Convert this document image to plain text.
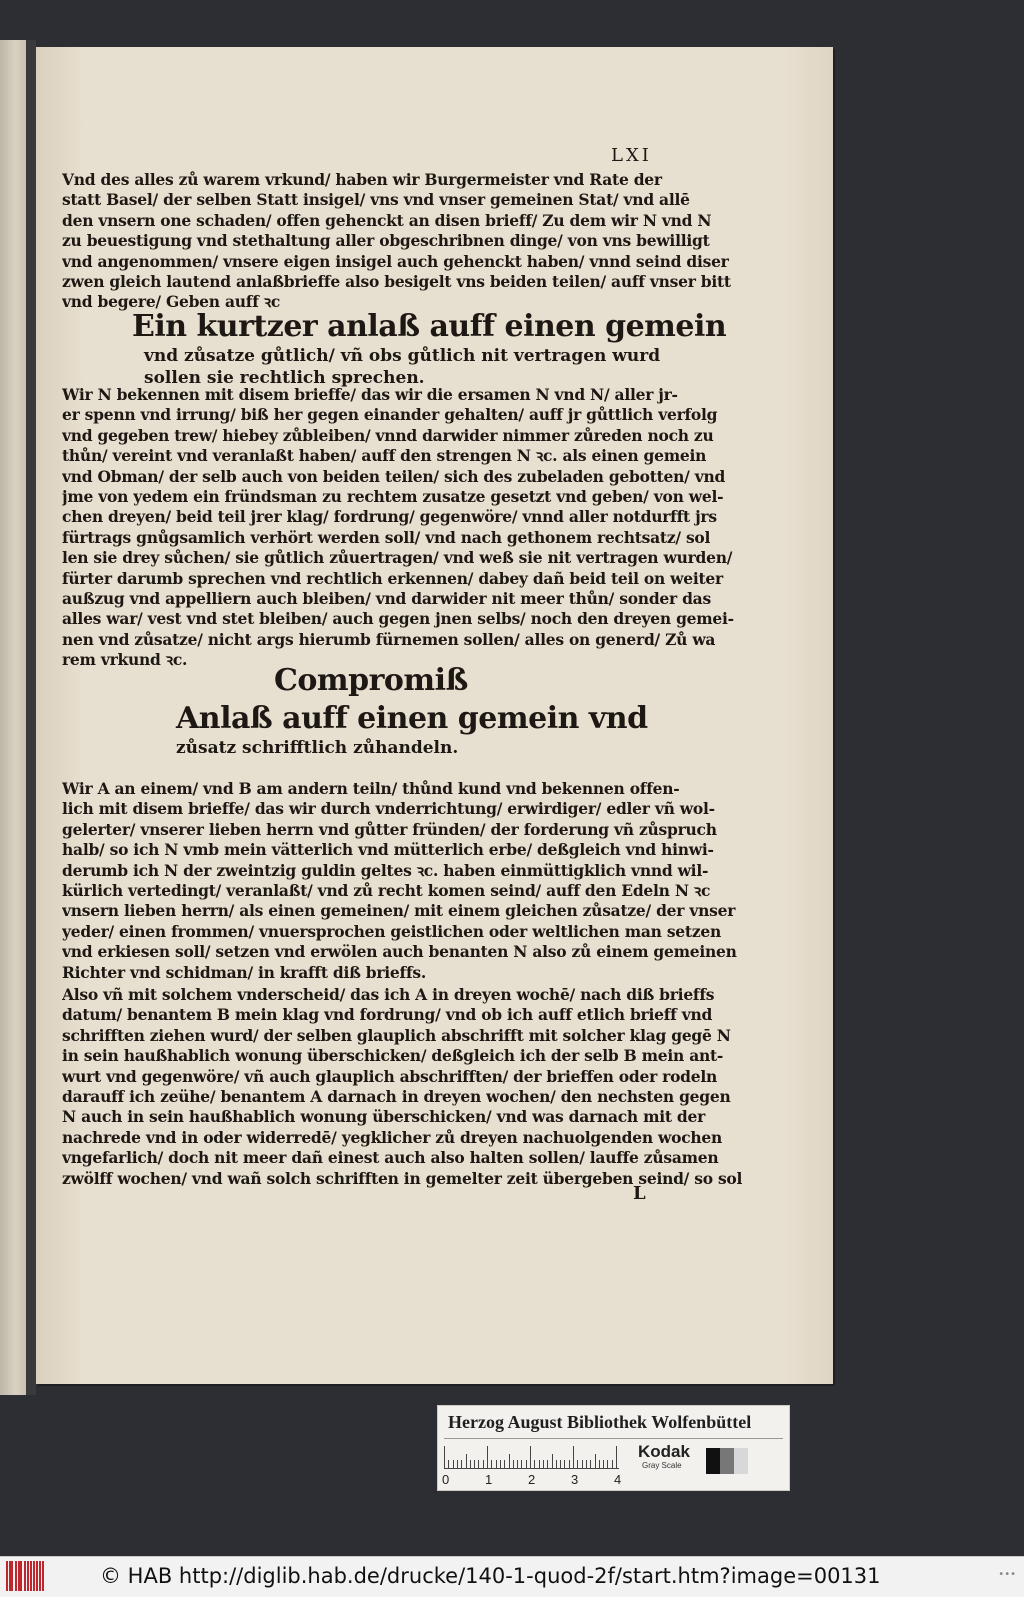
LXI
Vnd des alles zů warem vrkund/ haben wir Burgermeister vnd Rate der
statt Basel/ der selben Statt insigel/ vns vnd vnser gemeinen Stat/ vnd allē
den vnsern one schaden/ offen gehenckt an disen brieff/ Zu dem wir N vnd N
zu beuestigung vnd stethaltung aller obgeschribnen dinge/ von vns bewilligt
vnd angenommen/ vnsere eigen insigel auch gehenckt haben/ vnnd seind diser
zwen gleich lautend anlaßbrieffe also besigelt vns beiden teilen/ auff vnser bitt
vnd begere/ Geben auff ꝛc
Ein kurtzer anlaß auff einen gemein
vnd zůsatze gůtlich/ vñ obs gůtlich nit vertragen wurd
sollen sie rechtlich sprechen.
Wir N bekennen mit disem brieffe/ das wir die ersamen N vnd N/ aller jr-
er spenn vnd irrung/ biß her gegen einander gehalten/ auff jr gůttlich verfolg
vnd gegeben trew/ hiebey zůbleiben/ vnnd darwider nimmer zůreden noch zu
thůn/ vereint vnd veranlaßt haben/ auff den strengen N ꝛc. als einen gemein
vnd Obman/ der selb auch von beiden teilen/ sich des zubeladen gebotten/ vnd
jme von yedem ein fründsman zu rechtem zusatze gesetzt vnd geben/ von wel-
chen dreyen/ beid teil jrer klag/ fordrung/ gegenwöre/ vnnd aller notdurfft jrs
fürtrags gnůgsamlich verhört werden soll/ vnd nach gethonem rechtsatz/ sol
len sie drey sůchen/ sie gůtlich zůuertragen/ vnd weß sie nit vertragen wurden/
fürter darumb sprechen vnd rechtlich erkennen/ dabey dañ beid teil on weiter
außzug vnd appelliern auch bleiben/ vnd darwider nit meer thůn/ sonder das
alles war/ vest vnd stet bleiben/ auch gegen jnen selbs/ noch den dreyen gemei-
nen vnd zůsatze/ nicht args hierumb fürnemen sollen/ alles on generd/ Zů wa
rem vrkund ꝛc.
Compromiß
Anlaß auff einen gemein vnd
zůsatz schrifftlich zůhandeln.
Wir A an einem/ vnd B am andern teiln/ thůnd kund vnd bekennen offen-
lich mit disem brieffe/ das wir durch vnderrichtung/ erwirdiger/ edler vñ wol-
gelerter/ vnserer lieben herrn vnd gůtter fründen/ der forderung vñ zůspruch
halb/ so ich N vmb mein vätterlich vnd mütterlich erbe/ deßgleich vnd hinwi-
derumb ich N der zweintzig guldin geltes ꝛc. haben einmüttigklich vnnd wil-
kürlich vertedingt/ veranlaßt/ vnd zů recht komen seind/ auff den Edeln N ꝛc
vnsern lieben herrn/ als einen gemeinen/ mit einem gleichen zůsatze/ der vnser
yeder/ einen frommen/ vnuersprochen geistlichen oder weltlichen man setzen
vnd erkiesen soll/ setzen vnd erwölen auch benanten N also zů einem gemeinen
Richter vnd schidman/ in krafft diß brieffs.
Also vñ mit solchem vnderscheid/ das ich A in dreyen wochē/ nach diß brieffs
datum/ benantem B mein klag vnd fordrung/ vnd ob ich auff etlich brieff vnd
schrifften ziehen wurd/ der selben glauplich abschrifft mit solcher klag gegē N
in sein haußhablich wonung überschicken/ deßgleich ich der selb B mein ant-
wurt vnd gegenwöre/ vñ auch glauplich abschrifften/ der brieffen oder rodeln
darauff ich zeühe/ benantem A darnach in dreyen wochen/ den nechsten gegen
N auch in sein haußhablich wonung überschicken/ vnd was darnach mit der
nachrede vnd in oder widerredē/ yegklicher zů dreyen nachuolgenden wochen
vngefarlich/ doch nit meer dañ einest auch also halten sollen/ lauffe zůsamen
zwölff wochen/ vnd wañ solch schrifften in gemelter zeit übergeben seind/ so sol
L
Herzog August Bibliothek Wolfenbüttel
0	1	2	3	4
Kodak
Gray Scale
© HAB http://diglib.hab.de/drucke/140-1-quod-2f/start.htm?image=00131	•••
